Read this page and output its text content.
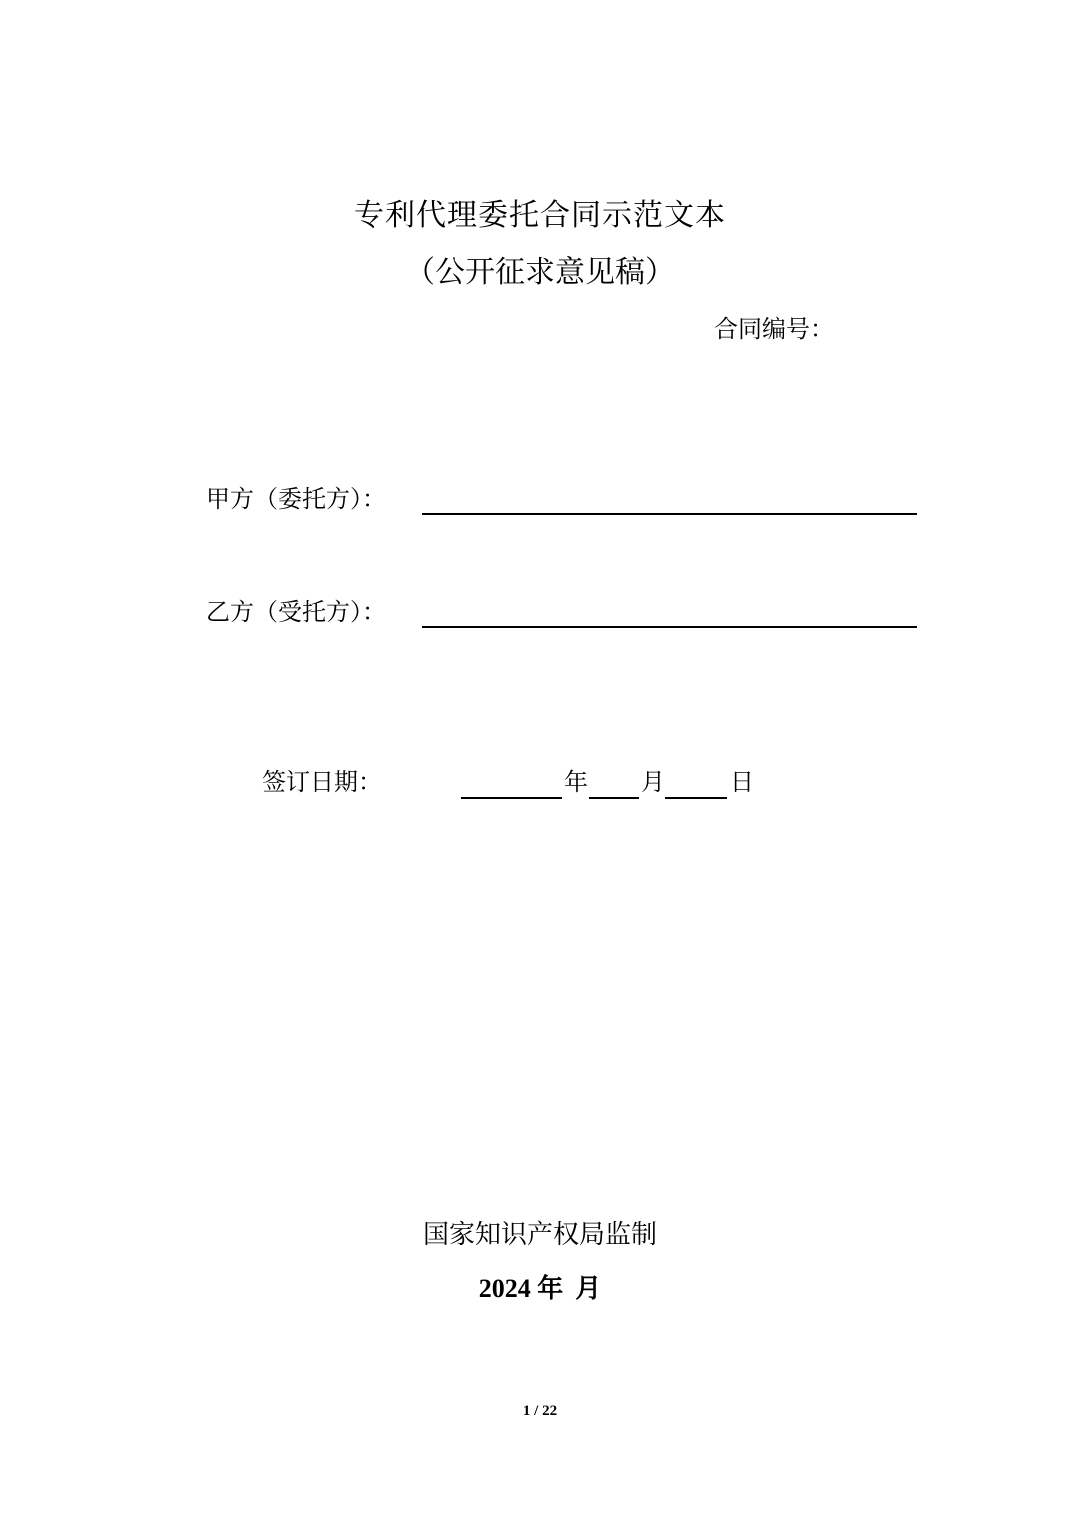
专利代理委托合同示范文本
（公开征求意见稿）
合同编号：
甲方（委托方）：
乙方（受托方）：
签订日期：	年 月	日
国家知识产权局监制
2024 年 月
1 / 22
